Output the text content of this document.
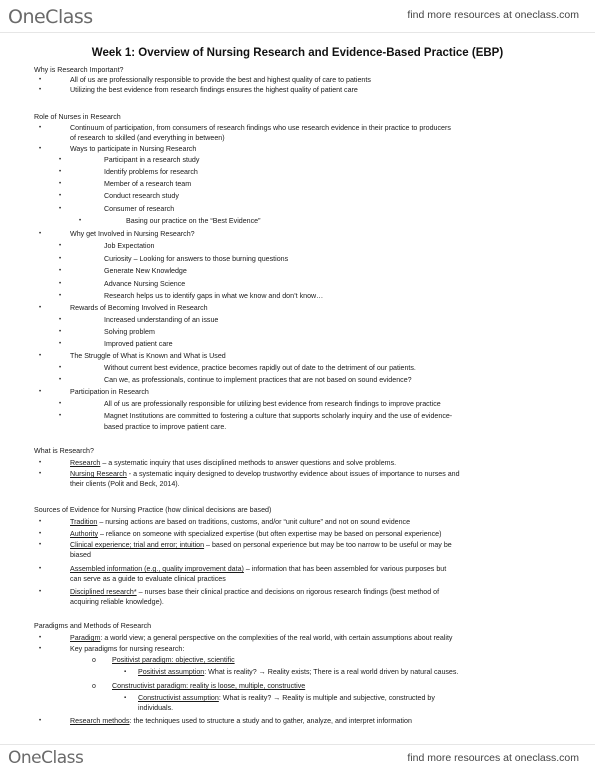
OneClass	find more resources at oneclass.com
Week 1: Overview of Nursing Research and Evidence-Based Practice (EBP)
Why is Research Important?
•	All of us are professionally responsible to provide the best and highest quality of care to patients
•	Utilizing the best evidence from research findings ensures the highest quality of patient care
Role of Nurses in Research
•	Continuum of participation, from consumers of research findings who use research evidence in their practice to producers
of research to skilled (and everything in between)
•	Ways to participate in Nursing Research
•	Participant in a research study
•	Identify problems for research
•	Member of a research team
•	Conduct research study
•	Consumer of research
•	Basing our practice on the “Best Evidence”
•	Why get Involved in Nursing Research?
•	Job Expectation
•	Curiosity – Looking for answers to those burning questions
•	Generate New Knowledge
•	Advance Nursing Science
•	Research helps us to identify gaps in what we know and don’t know…
•	Rewards of Becoming Involved in Research
•	Increased understanding of an issue
•	Solving problem
•	Improved patient care
•	The Struggle of What is Known and What is Used
•	Without current best evidence, practice becomes rapidly out of date to the detriment of our patients.
•	Can we, as professionals, continue to implement practices that are not based on sound evidence?
•	Participation in Research
•	All of us are professionally responsible for utilizing best evidence from research findings to improve practice
•	Magnet Institutions are committed to fostering a culture that supports scholarly inquiry and the use of evidence-
based practice to improve patient care.
What is Research?
•	Research – a systematic inquiry that uses disciplined methods to answer questions and solve problems.
•	Nursing Research - a systematic inquiry designed to develop trustworthy evidence about issues of importance to nurses and
their clients (Polit and Beck, 2014).
Sources of Evidence for Nursing Practice (how clinical decisions are based)
•	Tradition – nursing actions are based on traditions, customs, and/or “unit culture” and not on sound evidence
•	Authority – reliance on someone with specialized expertise (but often expertise may be based on personal experience)
•	Clinical experience; trial and error; intuition – based on personal experience but may be too narrow to be useful or may be
biased
•	Assembled information (e.g., quality improvement data) – information that has been assembled for various purposes but
can serve as a guide to evaluate clinical practices
•	Disciplined research* – nurses base their clinical practice and decisions on rigorous research findings (best method of
acquiring reliable knowledge).
Paradigms and Methods of Research
•	Paradigm: a world view; a general perspective on the complexities of the real world, with certain assumptions about reality
•	Key paradigms for nursing research:
o Positivist paradigm: objective, scientific
▪ Positivist assumption: What is reality? → Reality exists; There is a real world driven by natural causes.
o Constructivist paradigm: reality is loose, multiple, constructive
▪ Constructivist assumption: What is reality? → Reality is multiple and subjective, constructed by
individuals.
•	Research methods: the techniques used to structure a study and to gather, analyze, and interpret information
OneClass	find more resources at oneclass.com
